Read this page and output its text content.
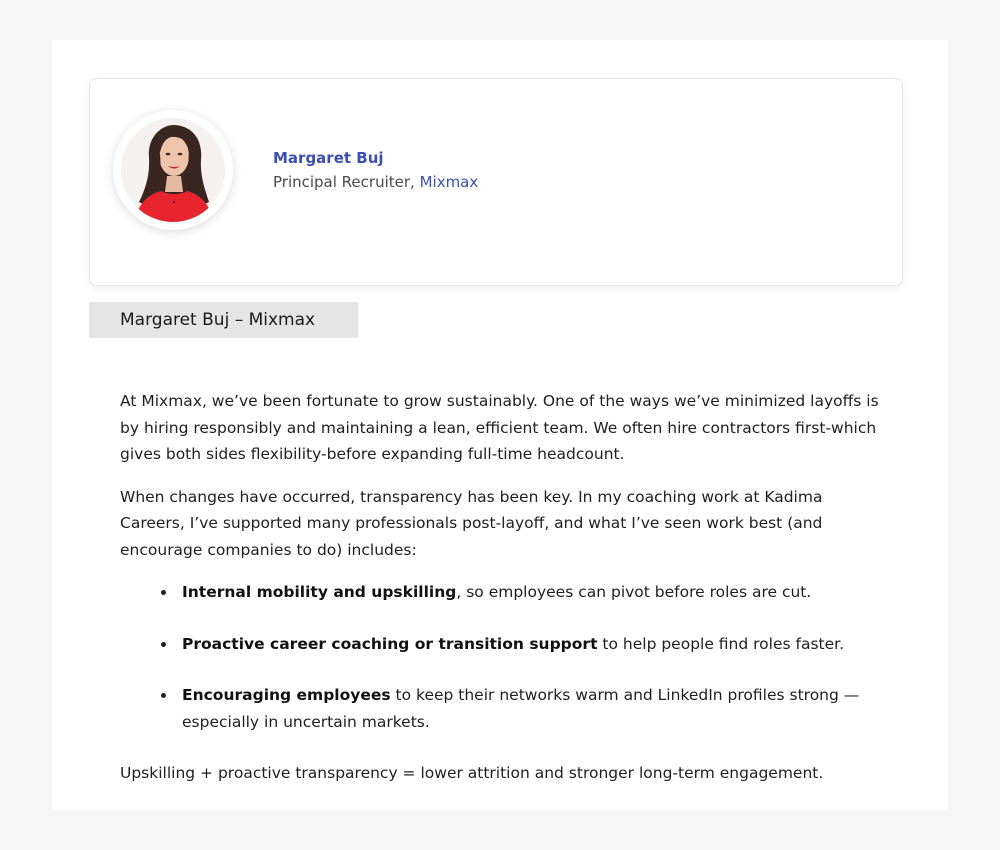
Margaret Buj
Principal Recruiter, Mixmax
Margaret Buj – Mixmax

At Mixmax, we’ve been fortunate to grow sustainably. One of the ways we’ve minimized layoffs is by hiring responsibly and maintaining a lean, efficient team. We often hire contractors first-which gives both sides flexibility-before expanding full-time headcount.

When changes have occurred, transparency has been key. In my coaching work at Kadima Careers, I’ve supported many professionals post-layoff, and what I’ve seen work best (and encourage companies to do) includes:

Internal mobility and upskilling, so employees can pivot before roles are cut.
Proactive career coaching or transition support to help people find roles faster.
Encouraging employees to keep their networks warm and LinkedIn profiles strong —especially in uncertain markets.

Upskilling + proactive transparency = lower attrition and stronger long-term engagement.
